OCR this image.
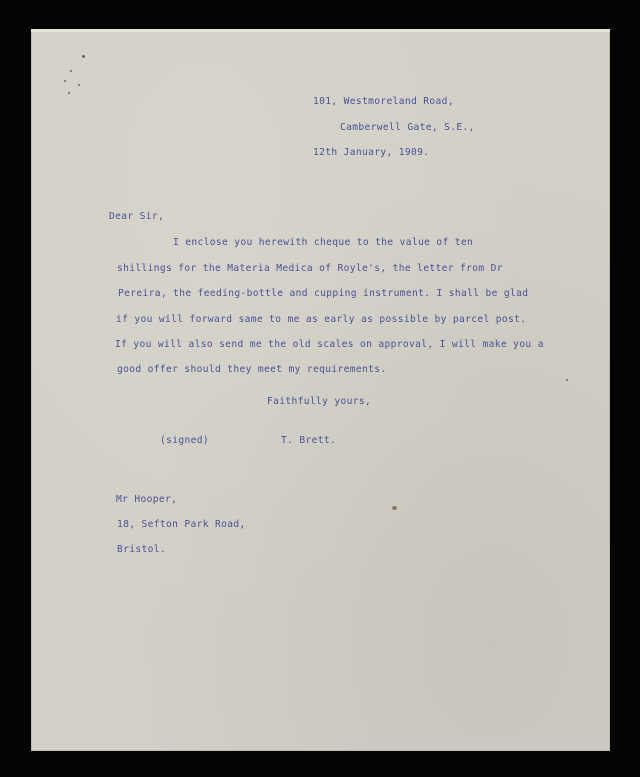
101, Westmoreland Road,
Camberwell Gate, S.E.,
12th January, 1909.
Dear Sir,
I enclose you herewith cheque to the value of ten
shillings for the Materia Medica of Royle's, the letter from Dr
Pereira, the feeding-bottle and cupping instrument. I shall be glad
if you will forward same to me as early as possible by parcel post.
If you will also send me the old scales on approval, I will make you a
good offer should they meet my requirements.
Faithfully yours,
(signed)	T. Brett.
Mr Hooper,
18, Sefton Park Road,
Bristol.
